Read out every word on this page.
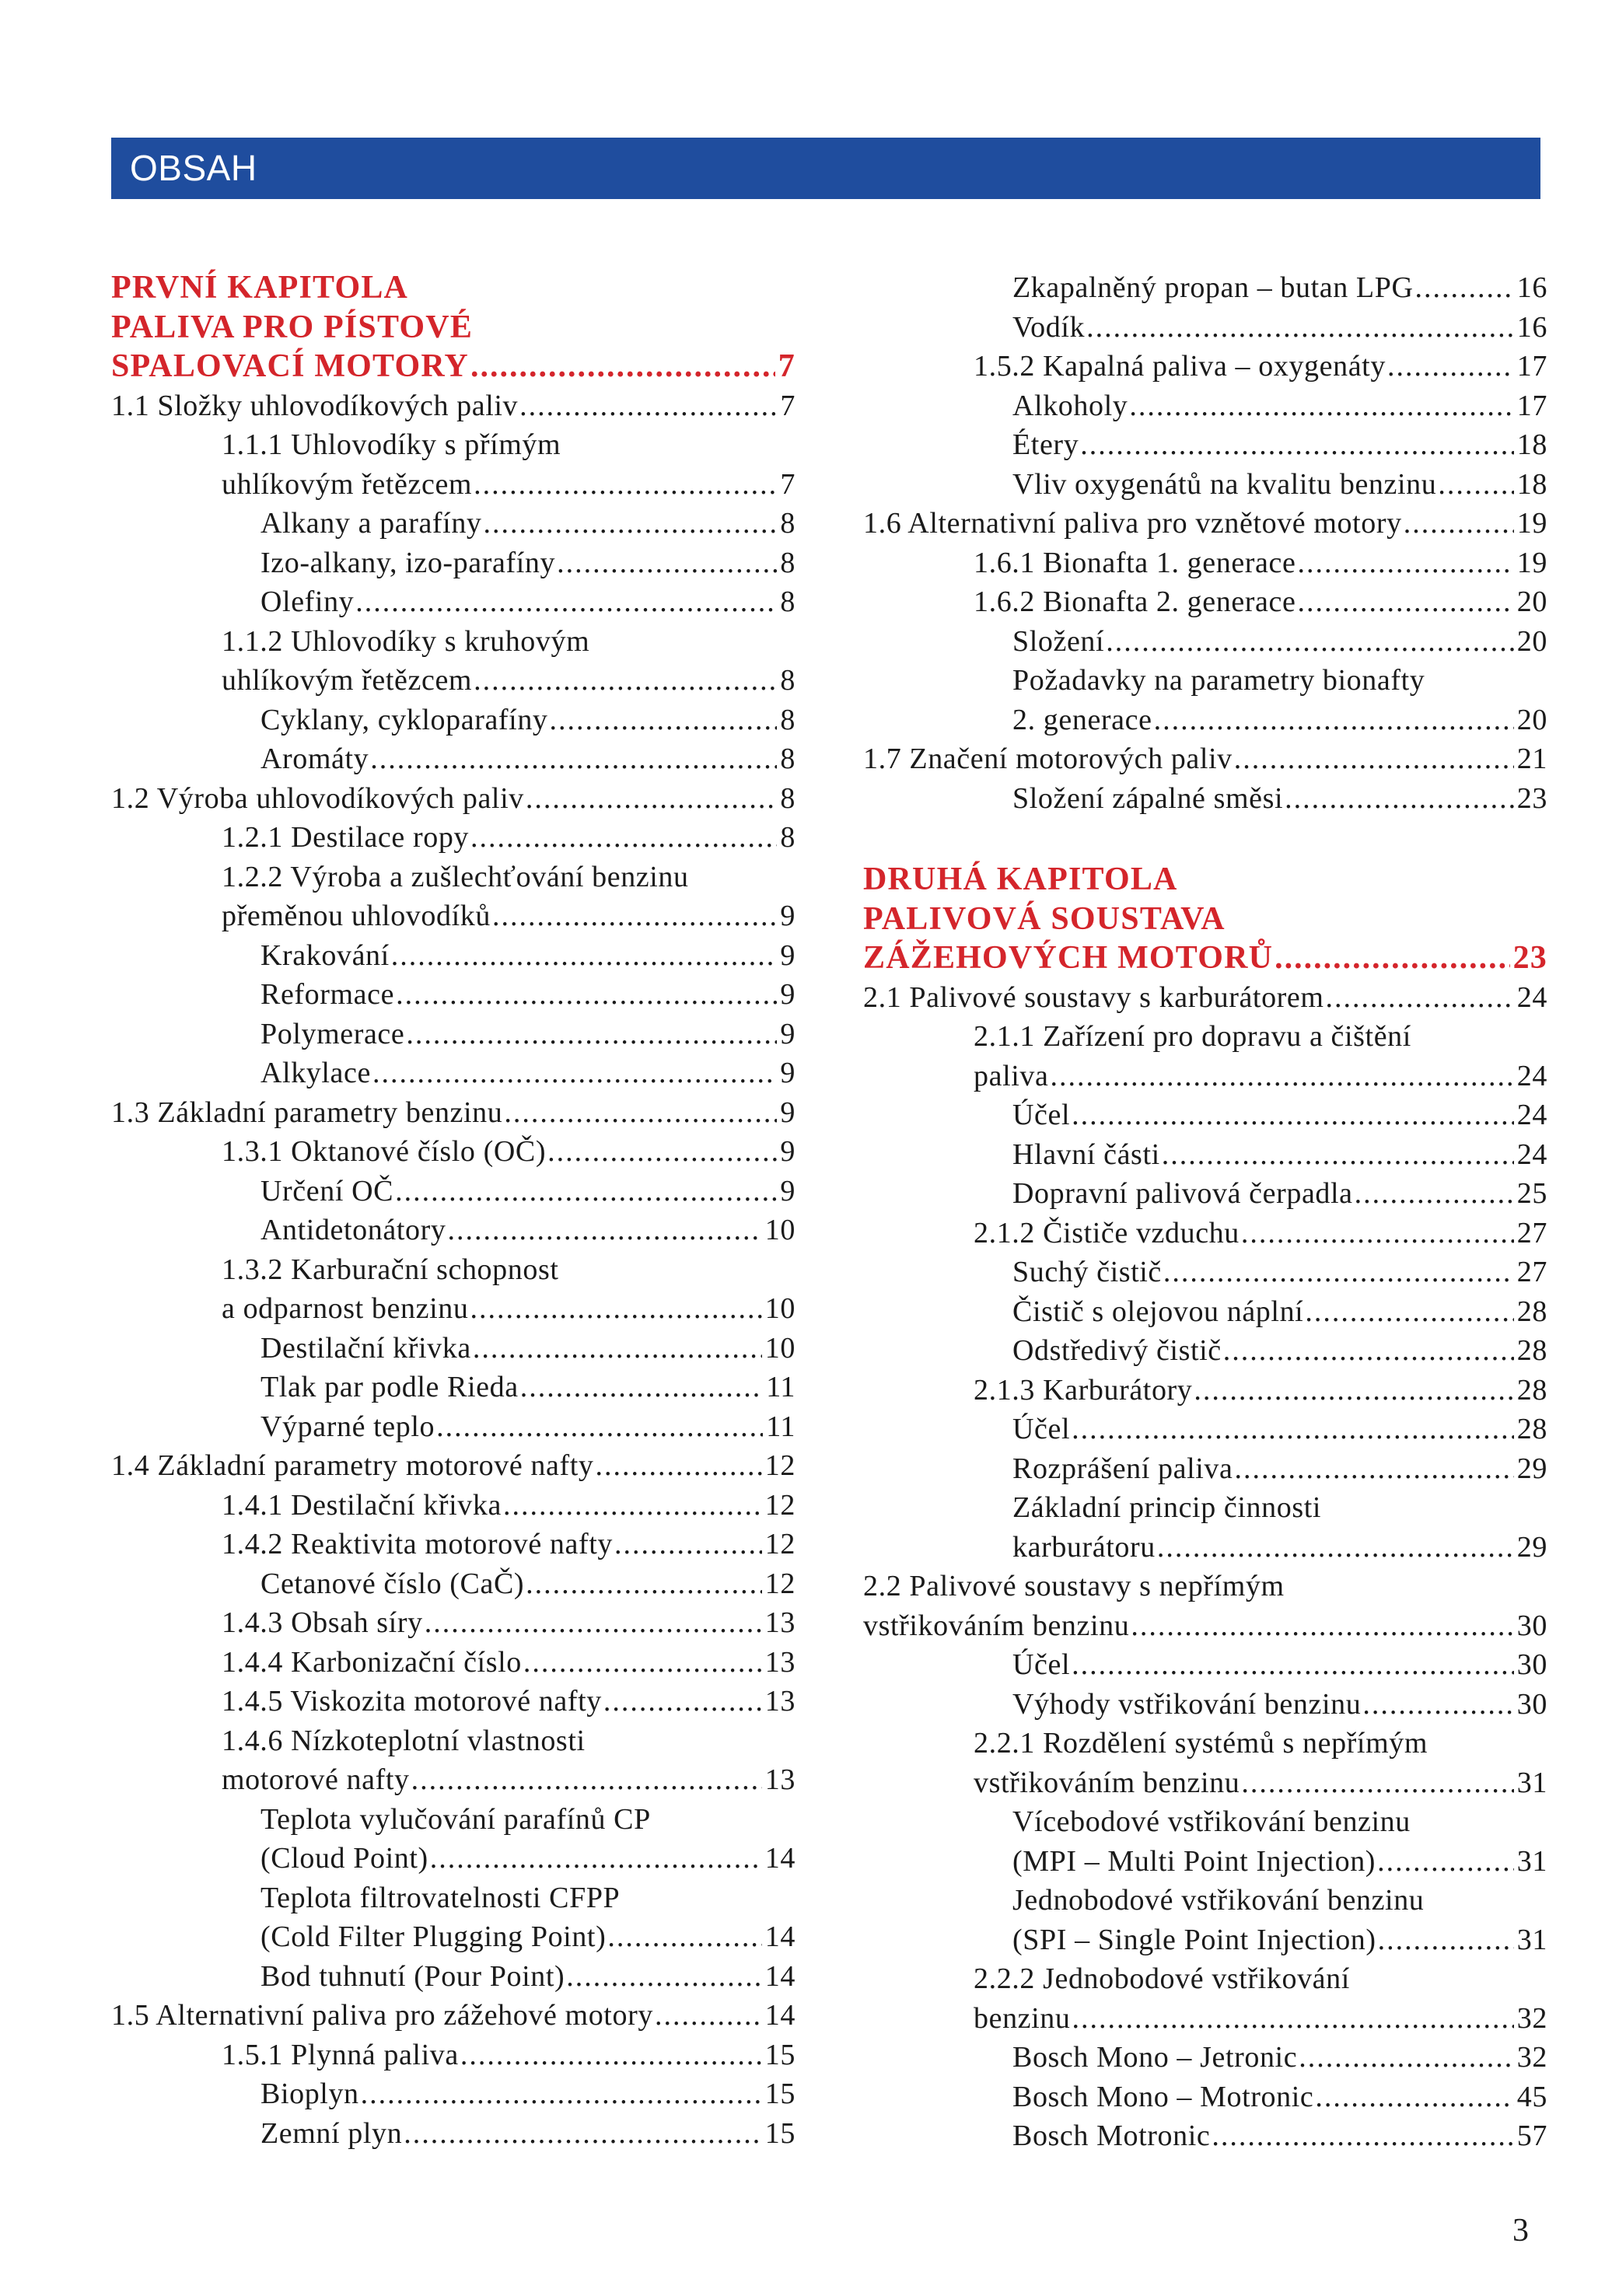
OBSAH
PRVNÍ KAPITOLA
PALIVA PRO PÍSTOVÉ
SPALOVACÍ MOTORY .....	7
1.1 Složky uhlovodíkových paliv .....	7
1.1.1 Uhlovodíky s přímým
uhlíkovým řetězcem .....	7
Alkany a parafíny .....	8
Izo-alkany, izo-parafíny .....	8
Olefiny .....	8
1.1.2 Uhlovodíky s kruhovým
uhlíkovým řetězcem .....	8
Cyklany, cykloparafíny .....	8
Aromáty .....	8
1.2 Výroba uhlovodíkových paliv .....	8
1.2.1 Destilace ropy .....	8
1.2.2 Výroba a zušlechťování benzinu
přeměnou uhlovodíků .....	9
Krakování .....	9
Reformace .....	9
Polymerace .....	9
Alkylace .....	9
1.3 Základní parametry benzinu .....	9
1.3.1 Oktanové číslo (OČ) .....	9
Určení OČ .....	9
Antidetonátory .....	10
1.3.2 Karburační schopnost
a odparnost benzinu .....	10
Destilační křivka .....	10
Tlak par podle Rieda .....	11
Výparné teplo .....	11
1.4 Základní parametry motorové nafty .....	12
1.4.1 Destilační křivka .....	12
1.4.2 Reaktivita motorové nafty .....	12
Cetanové číslo (CaČ) .....	12
1.4.3 Obsah síry .....	13
1.4.4 Karbonizační číslo .....	13
1.4.5 Viskozita motorové nafty .....	13
1.4.6 Nízkoteplotní vlastnosti
motorové nafty .....	13
Teplota vylučování parafínů CP
(Cloud Point) .....	14
Teplota filtrovatelnosti CFPP
(Cold Filter Plugging Point) .....	14
Bod tuhnutí (Pour Point) .....	14
1.5 Alternativní paliva pro zážehové motory .....	14
1.5.1 Plynná paliva .....	15
Bioplyn .....	15
Zemní plyn .....	15
Zkapalněný propan – butan LPG .....	16
Vodík .....	16
1.5.2 Kapalná paliva – oxygenáty .....	17
Alkoholy .....	17
Étery .....	18
Vliv oxygenátů na kvalitu benzinu .....	18
1.6 Alternativní paliva pro vznětové motory .....	19
1.6.1 Bionafta 1. generace .....	19
1.6.2 Bionafta 2. generace .....	20
Složení .....	20
Požadavky na parametry bionafty
2. generace .....	20
1.7 Značení motorových paliv .....	21
Složení zápalné směsi .....	23
DRUHÁ KAPITOLA
PALIVOVÁ SOUSTAVA
ZÁŽEHOVÝCH MOTORŮ .....	23
2.1 Palivové soustavy s karburátorem .....	24
2.1.1 Zařízení pro dopravu a čištění
paliva .....	24
Účel .....	24
Hlavní části .....	24
Dopravní palivová čerpadla .....	25
2.1.2 Čističe vzduchu .....	27
Suchý čistič .....	27
Čistič s olejovou náplní .....	28
Odstředivý čistič .....	28
2.1.3 Karburátory .....	28
Účel .....	28
Rozprášení paliva .....	29
Základní princip činnosti
karburátoru .....	29
2.2 Palivové soustavy s nepřímým
vstřikováním benzinu .....	30
Účel .....	30
Výhody vstřikování benzinu .....	30
2.2.1 Rozdělení systémů s nepřímým
vstřikováním benzinu .....	31
Vícebodové vstřikování benzinu
(MPI – Multi Point Injection) .....	31
Jednobodové vstřikování benzinu
(SPI – Single Point Injection) .....	31
2.2.2 Jednobodové vstřikování
benzinu .....	32
Bosch Mono – Jetronic .....	32
Bosch Mono – Motronic .....	45
Bosch Motronic .....	57
3
